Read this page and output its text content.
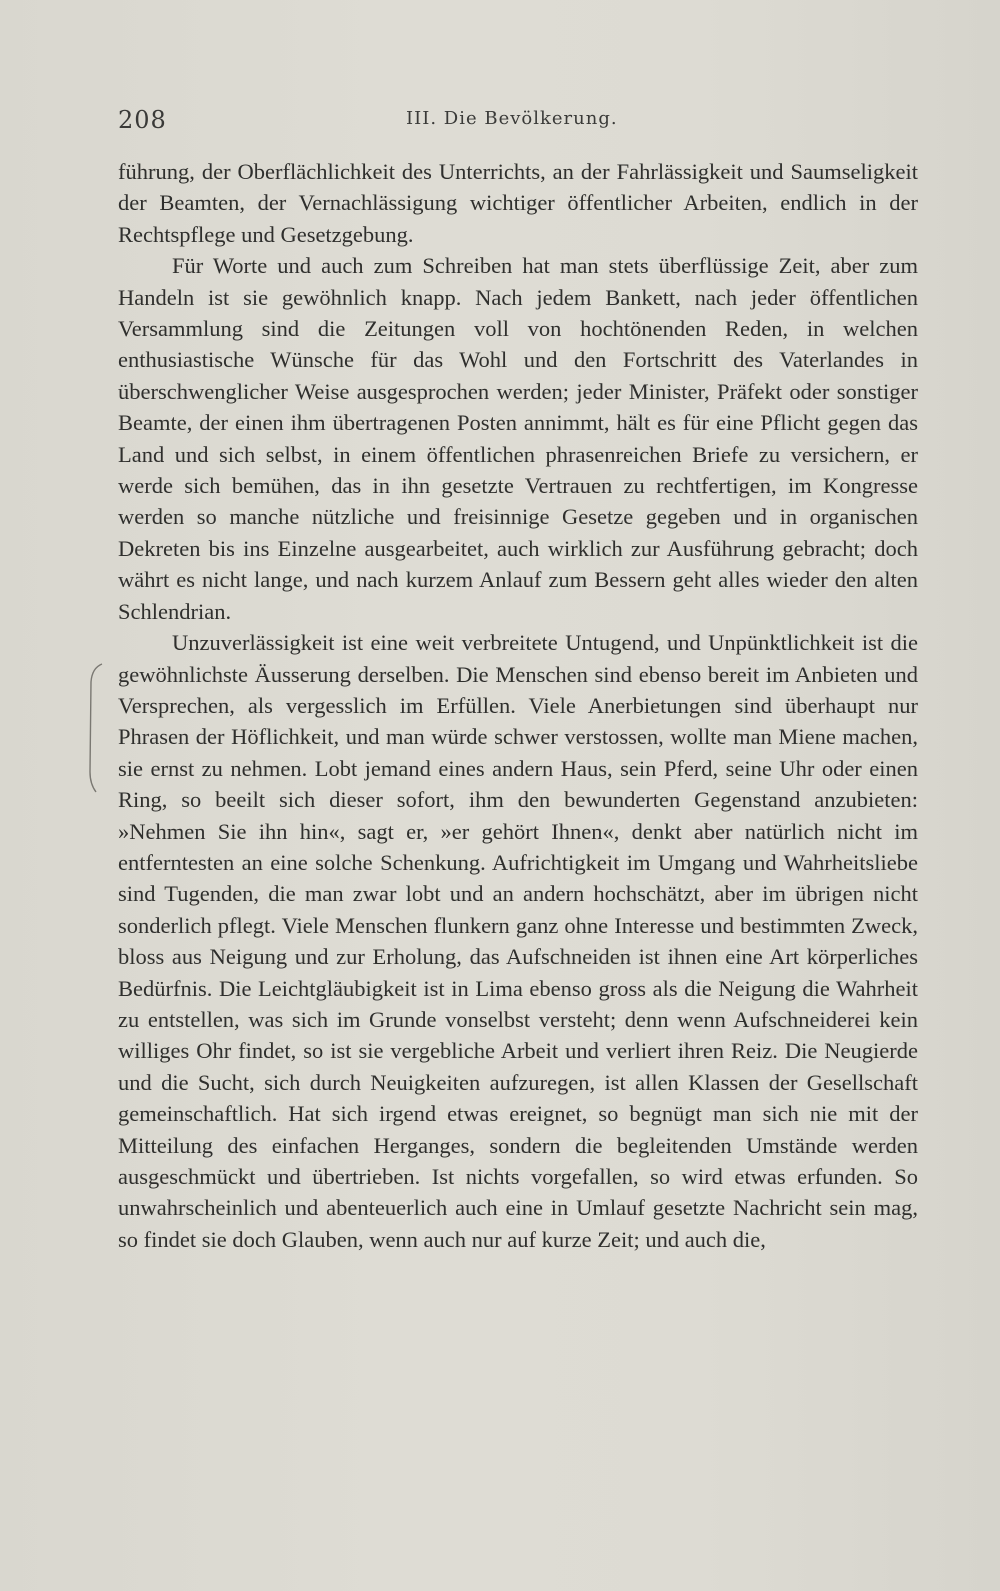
208	III. Die Bevölkerung.

führung, der Oberflächlichkeit des Unterrichts, an der Fahrlässigkeit und Saumseligkeit der Beamten, der Vernachlässigung wichtiger öffentlicher Arbeiten, endlich in der Rechtspflege und Gesetzgebung.

Für Worte und auch zum Schreiben hat man stets überflüssige Zeit, aber zum Handeln ist sie gewöhnlich knapp. Nach jedem Bankett, nach jeder öffentlichen Versammlung sind die Zeitungen voll von hochtönenden Reden, in welchen enthusiastische Wünsche für das Wohl und den Fortschritt des Vaterlandes in überschwenglicher Weise ausgesprochen werden; jeder Minister, Präfekt oder sonstiger Beamte, der einen ihm übertragenen Posten annimmt, hält es für eine Pflicht gegen das Land und sich selbst, in einem öffentlichen phrasenreichen Briefe zu versichern, er werde sich bemühen, das in ihn gesetzte Vertrauen zu rechtfertigen, im Kongresse werden so manche nützliche und freisinnige Gesetze gegeben und in organischen Dekreten bis ins Einzelne ausgearbeitet, auch wirklich zur Ausführung gebracht; doch währt es nicht lange, und nach kurzem Anlauf zum Bessern geht alles wieder den alten Schlendrian.

Unzuverlässigkeit ist eine weit verbreitete Untugend, und Unpünktlichkeit ist die gewöhnlichste Äusserung derselben. Die Menschen sind ebenso bereit im Anbieten und Versprechen, als vergesslich im Erfüllen. Viele Anerbietungen sind überhaupt nur Phrasen der Höflichkeit, und man würde schwer verstossen, wollte man Miene machen, sie ernst zu nehmen. Lobt jemand eines andern Haus, sein Pferd, seine Uhr oder einen Ring, so beeilt sich dieser sofort, ihm den bewunderten Gegenstand anzubieten: »Nehmen Sie ihn hin«, sagt er, »er gehört Ihnen«, denkt aber natürlich nicht im entferntesten an eine solche Schenkung. Aufrichtigkeit im Umgang und Wahrheitsliebe sind Tugenden, die man zwar lobt und an andern hochschätzt, aber im übrigen nicht sonderlich pflegt. Viele Menschen flunkern ganz ohne Interesse und bestimmten Zweck, bloss aus Neigung und zur Erholung, das Aufschneiden ist ihnen eine Art körperliches Bedürfnis. Die Leichtgläubigkeit ist in Lima ebenso gross als die Neigung die Wahrheit zu entstellen, was sich im Grunde vonselbst versteht; denn wenn Aufschneiderei kein williges Ohr findet, so ist sie vergebliche Arbeit und verliert ihren Reiz. Die Neugierde und die Sucht, sich durch Neuigkeiten aufzuregen, ist allen Klassen der Gesellschaft gemeinschaftlich. Hat sich irgend etwas ereignet, so begnügt man sich nie mit der Mitteilung des einfachen Herganges, sondern die begleitenden Umstände werden ausgeschmückt und übertrieben. Ist nichts vorgefallen, so wird etwas erfunden. So unwahrscheinlich und abenteuerlich auch eine in Umlauf gesetzte Nachricht sein mag, so findet sie doch Glauben, wenn auch nur auf kurze Zeit; und auch die,
